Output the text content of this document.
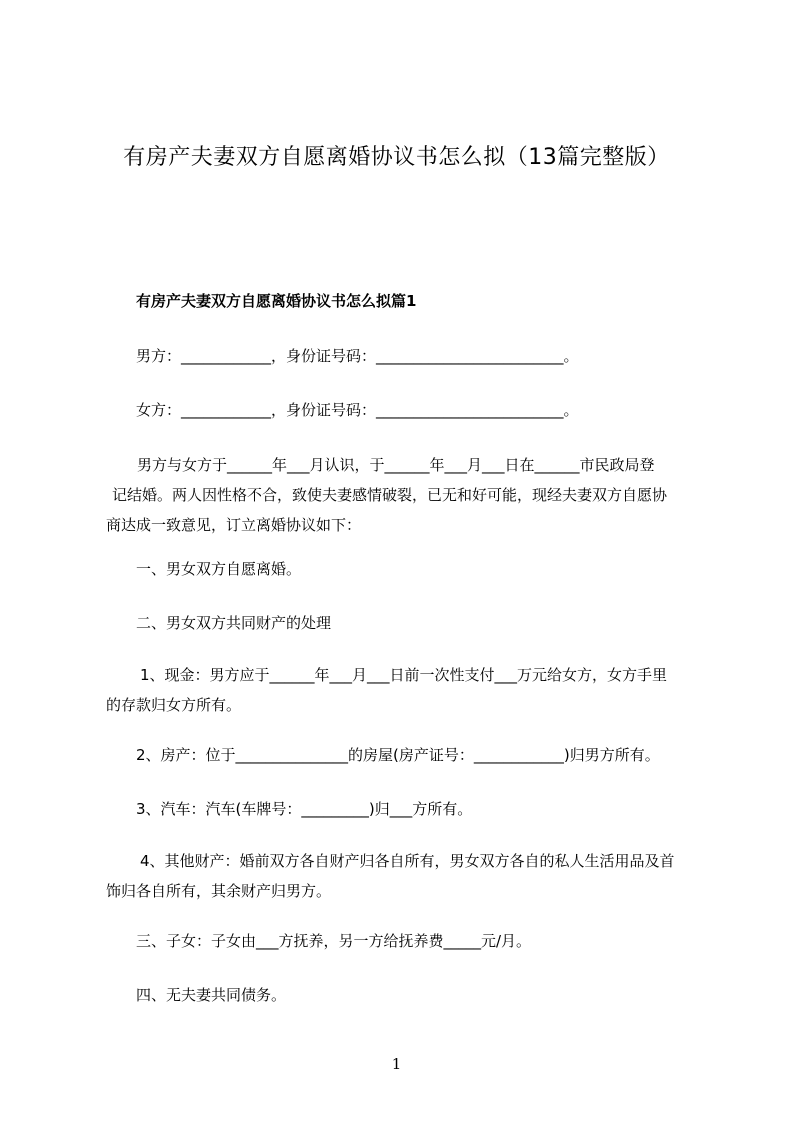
有房产夫妻双方自愿离婚协议书怎么拟（13篇完整版）
有房产夫妻双方自愿离婚协议书怎么拟篇1
男方：____________，身份证号码：_________________________。
女方：____________，身份证号码：_________________________。
　男方与女方于______年___月认识，于______年___月___日在______市民政局登
记结婚。两人因性格不合，致使夫妻感情破裂，已无和好可能，现经夫妻双方自愿协
商达成一致意见，订立离婚协议如下：
一、男女双方自愿离婚。
二、男女双方共同财产的处理
1、现金：男方应于______年___月___日前一次性支付___万元给女方，女方手里
的存款归女方所有。
2、房产：位于_______________的房屋(房产证号：____________)归男方所有。
3、汽车：汽车(车牌号：_________)归___方所有。
4、其他财产：婚前双方各自财产归各自所有，男女双方各自的私人生活用品及首
饰归各自所有，其余财产归男方。
三、子女：子女由___方抚养，另一方给抚养费_____元/月。
四、无夫妻共同债务。
1
